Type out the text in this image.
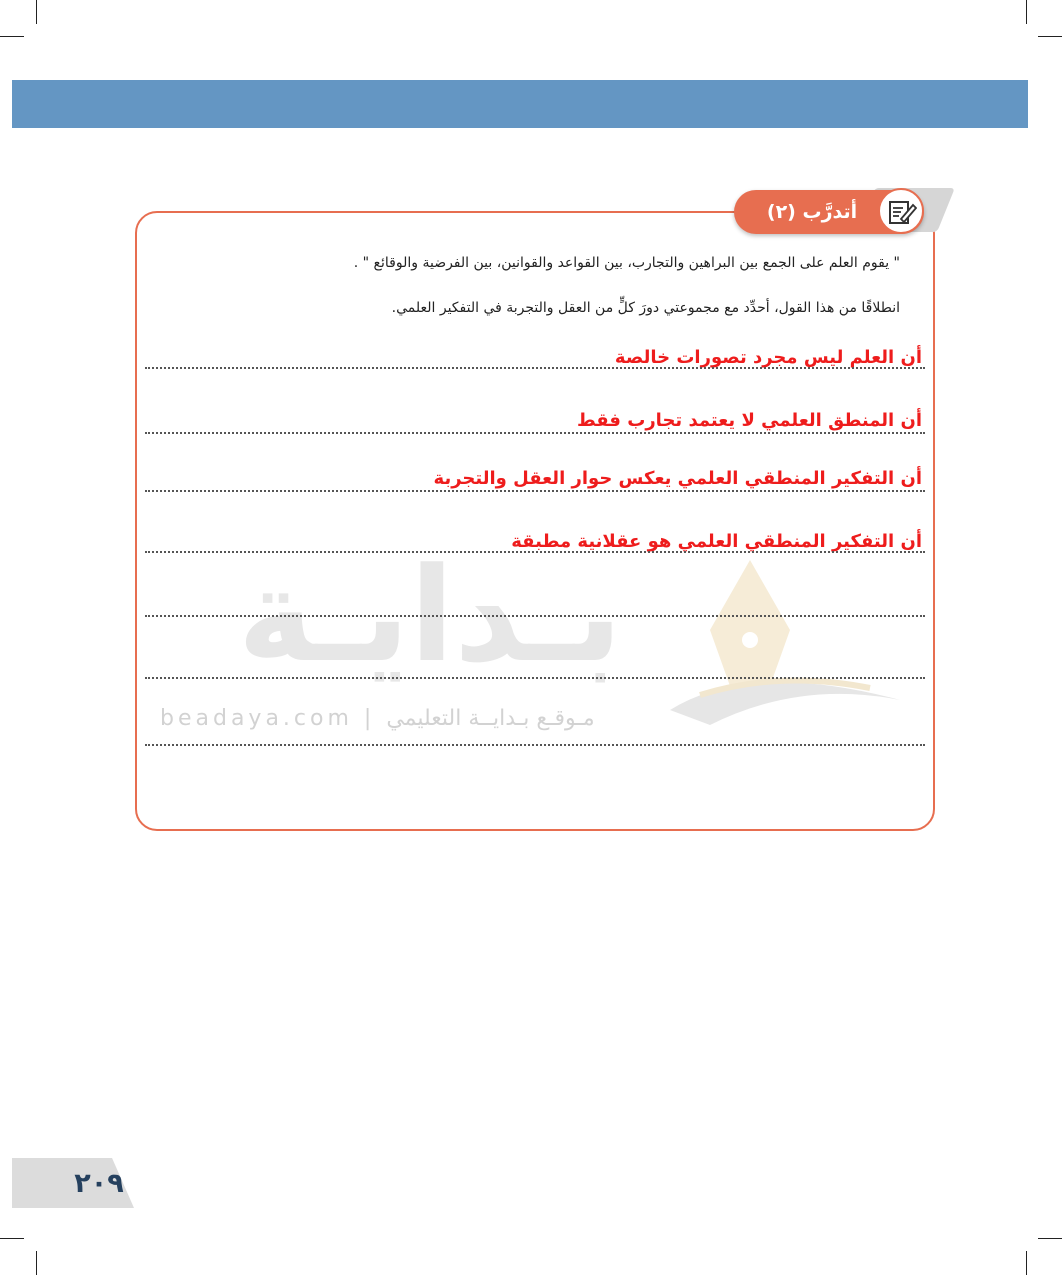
أتدرَّب (٢)
" يقوم العلم على الجمع بين البراهين والتجارب، بين القواعد والقوانين، بين الفرضية والوقائع " .
انطلاقًا من هذا القول، أحدِّد مع مجموعتي دورَ كلٍّ من العقل والتجربة في التفكير العلمي.
بـدايـة
beadaya.com | مـوقـع بـدايــة التعليمي
أن العلم ليس مجرد تصورات خالصة
أن المنطق العلمي لا يعتمد تجارب فقط
أن التفكير المنطقي العلمي يعكس حوار العقل والتجربة
أن التفكير المنطقي العلمي هو عقلانية مطبقة
٢٠٩
